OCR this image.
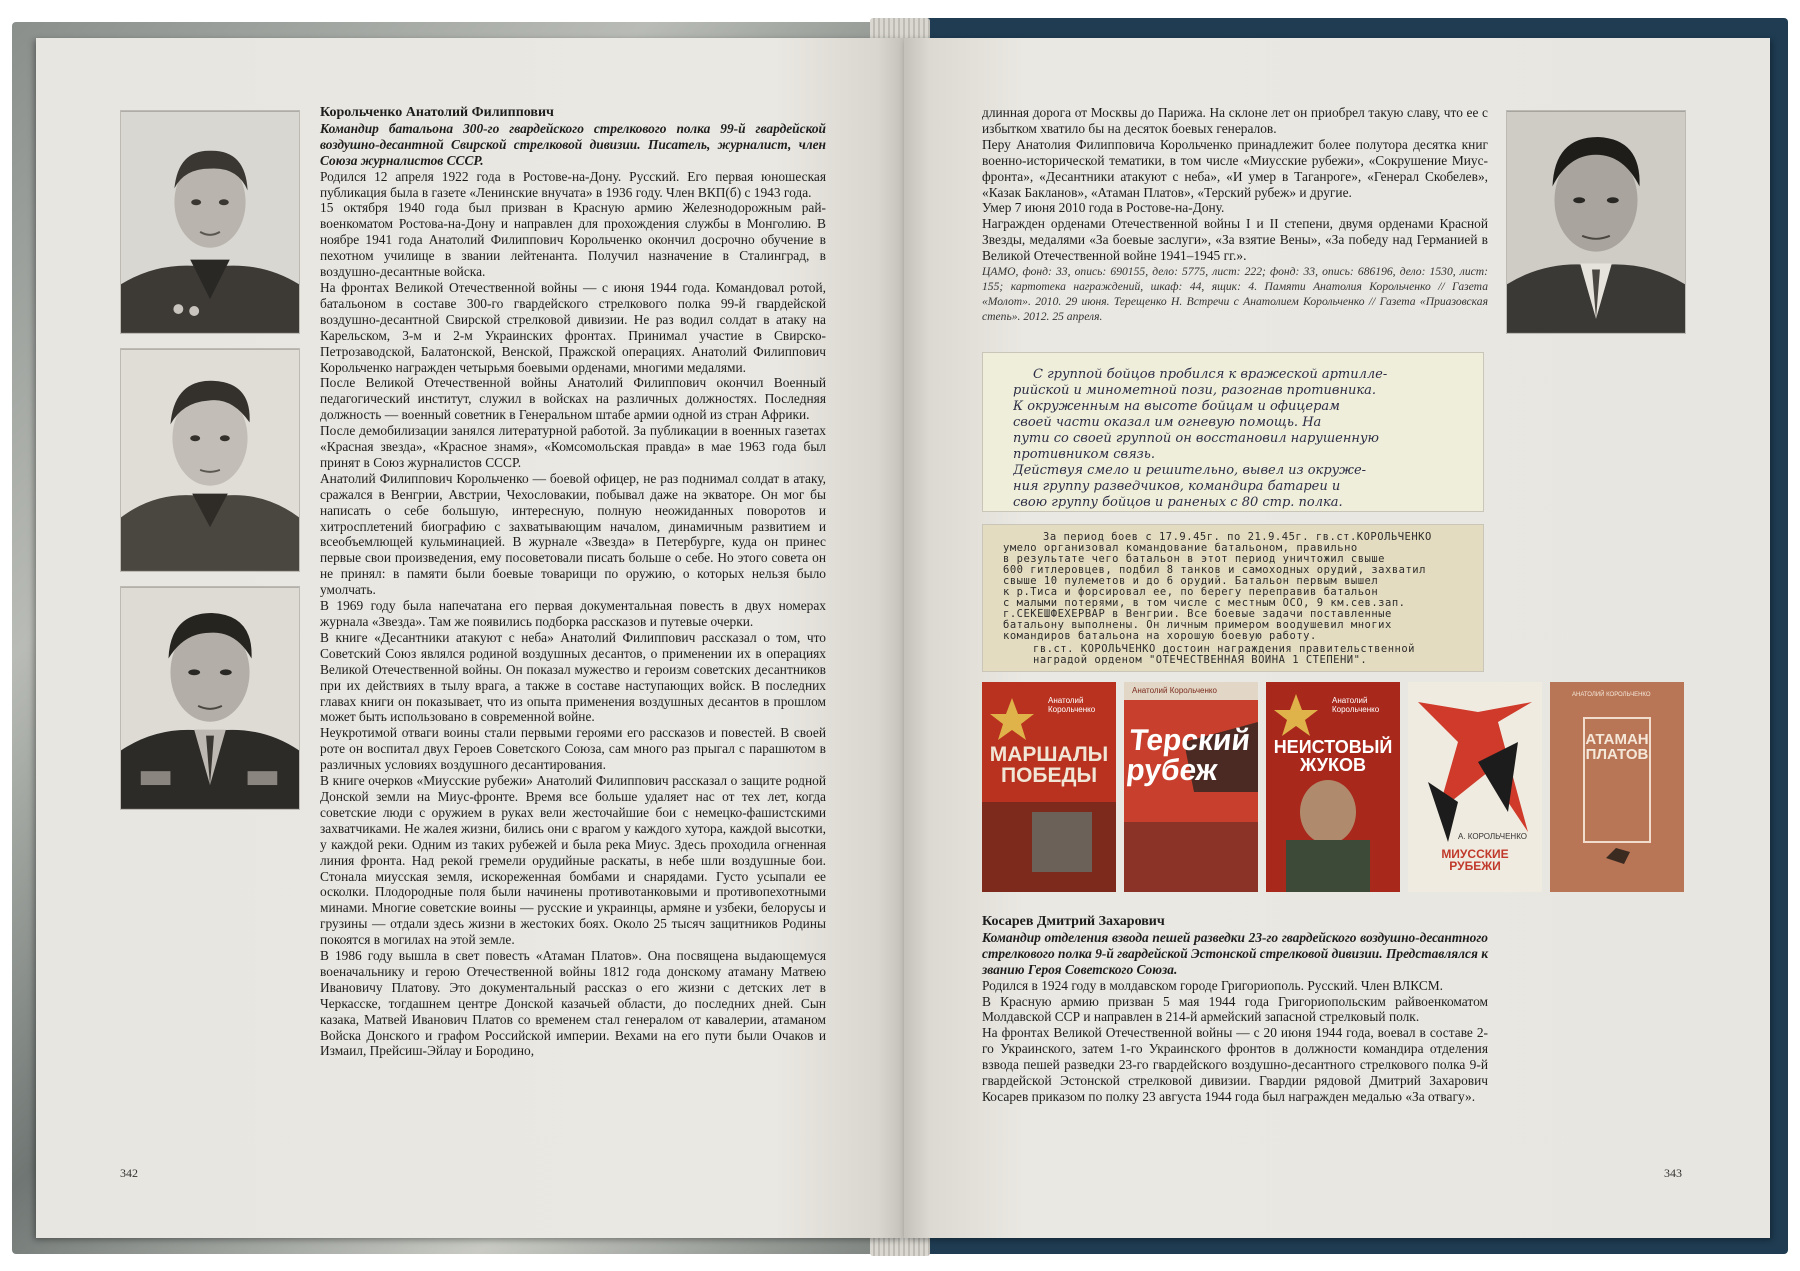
Корольченко Анатолий Филиппович

Командир батальона 300-го гвардейского стрелкового полка 99-й гвардейской воздушно-десантной Свирской стрелковой дивизии. Писатель, журналист, член Союза журналистов СССР.

Родился 12 апреля 1922 года в Ростове-на-Дону. Русский. Его первая юношеская публикация была в газете «Ленинские внучата» в 1936 году. Член ВКП(б) с 1943 года.

15 октября 1940 года был призван в Красную армию Железнодорожным райвоенкоматом Ростова-на-Дону и направлен для прохождения службы в Монголию. В ноябре 1941 года Анатолий Филиппович Корольченко окончил досрочно обучение в пехотном училище в звании лейтенанта. Получил назначение в Сталинград, в воздушно-десантные войска.

На фронтах Великой Отечественной войны — с июня 1944 года. Командовал ротой, батальоном в составе 300-го гвардейского стрелкового полка 99-й гвардейской воздушно-десантной Свирской стрелковой дивизии. Не раз водил солдат в атаку на Карельском, 3-м и 2-м Украинских фронтах. Принимал участие в Свирско-Петрозаводской, Балатонской, Венской, Пражской операциях. Анатолий Филиппович Корольченко награжден четырьмя боевыми орденами, многими медалями.

После Великой Отечественной войны Анатолий Филиппович окончил Военный педагогический институт, служил в войсках на различных должностях. Последняя должность — военный советник в Генеральном штабе армии одной из стран Африки.

После демобилизации занялся литературной работой. За публикации в военных газетах «Красная звезда», «Красное знамя», «Комсомольская правда» в мае 1963 года был принят в Союз журналистов СССР.

Анатолий Филиппович Корольченко — боевой офицер, не раз поднимал солдат в атаку, сражался в Венгрии, Австрии, Чехословакии, побывал даже на экваторе. Он мог бы написать о себе большую, интересную, полную неожиданных поворотов и хитросплетений биографию с захватывающим началом, динамичным развитием и всеобъемлющей кульминацией. В журнале «Звезда» в Петербурге, куда он принес первые свои произведения, ему посоветовали писать больше о себе. Но этого совета он не принял: в памяти были боевые товарищи по оружию, о которых нельзя было умолчать.

В 1969 году была напечатана его первая документальная повесть в двух номерах журнала «Звезда». Там же появились подборка рассказов и путевые очерки.

В книге «Десантники атакуют с неба» Анатолий Филиппович рассказал о том, что Советский Союз являлся родиной воздушных десантов, о применении их в операциях Великой Отечественной войны. Он показал мужество и героизм советских десантников при их действиях в тылу врага, а также в составе наступающих войск. В последних главах книги он показывает, что из опыта применения воздушных десантов в прошлом может быть использовано в современной войне.

Неукротимой отваги воины стали первыми героями его рассказов и повестей. В своей роте он воспитал двух Героев Советского Союза, сам много раз прыгал с парашютом в различных условиях воздушного десантирования.

В книге очерков «Миусские рубежи» Анатолий Филиппович рассказал о защите родной Донской земли на Миус-фронте. Время все больше удаляет нас от тех лет, когда советские люди с оружием в руках вели жесточайшие бои с немецко-фашистскими захватчиками. Не жалея жизни, бились они с врагом у каждого хутора, каждой высотки, у каждой реки. Одним из таких рубежей и была река Миус. Здесь проходила огненная линия фронта. Над рекой гремели орудийные раскаты, в небе шли воздушные бои. Стонала миусская земля, искореженная бомбами и снарядами. Густо усыпали ее осколки. Плодородные поля были начинены противотанковыми и противопехотными минами. Многие советские воины — русские и украинцы, армяне и узбеки, белорусы и грузины — отдали здесь жизни в жестоких боях. Около 25 тысяч защитников Родины покоятся в могилах на этой земле.

В 1986 году вышла в свет повесть «Атаман Платов». Она посвящена выдающемуся военачальнику и герою Отечественной войны 1812 года донскому атаману Матвею Ивановичу Платову. Это документальный рассказ о его жизни с детских лет в Черкасске, тогдашнем центре Донской казачьей области, до последних дней. Сын казака, Матвей Иванович Платов со временем стал генералом от кавалерии, атаманом Войска Донского и графом Российской империи. Вехами на его пути были Очаков и Измаил, Прейсиш-Эйлау и Бородино,

342

длинная дорога от Москвы до Парижа. На склоне лет он приобрел такую славу, что ее с избытком хватило бы на десяток боевых генералов.

Перу Анатолия Филипповича Корольченко принадлежит более полутора десятка книг военно-исторической тематики, в том числе «Миусские рубежи», «Сокрушение Миус-фронта», «Десантники атакуют с неба», «И умер в Таганроге», «Генерал Скобелев», «Казак Бакланов», «Атаман Платов», «Терский рубеж» и другие.

Умер 7 июня 2010 года в Ростове-на-Дону.

Награжден орденами Отечественной войны I и II степени, двумя орденами Красной Звезды, медалями «За боевые заслуги», «За взятие Вены», «За победу над Германией в Великой Отечественной войне 1941–1945 гг.».

ЦАМО, фонд: 33, опись: 690155, дело: 5775, лист: 222; фонд: 33, опись: 686196, дело: 1530, лист: 155; картотека награждений, шкаф: 44, ящик: 4. Памяти Анатолия Корольченко // Газета «Молот». 2010. 29 июня. Терещенко Н. Встречи с Анатолием Корольченко // Газета «Приазовская степь». 2012. 25 апреля.

С группой бойцов пробился к вражеской артилле-
рийской и минометной пози, разогнав противника.
К окруженным на высоте бойцам и офицерам
своей части оказал им огневую помощь. На
пути со своей группой он восстановил нарушенную
противником связь.
Действуя смело и решительно, вывел из окруже-
ния группу разведчиков, командира батареи и
свою группу бойцов и раненых с 80 стр. полка.
За период боев с 17.9.45г. по 21.9.45г. гв.ст.КОРОЛЬЧЕНКО
умело организовал командование батальоном, правильно
в результате чего батальон в этот период уничтожил свыше
600 гитлеровцев, подбил 8 танков и самоходных орудий, захватил
свыше 10 пулеметов и до 6 орудий. Батальон первым вышел
к р.Тиса и форсировал ее, по берегу переправив батальон
с малыми потерями, в том числе с местным ОСО, 9 км.сев.зап.
г.СЕКЕШФЕХЕРВАР в Венгрии. Все боевые задачи поставленные
батальону выполнены. Он личным примером воодушевил многих
командиров батальона на хорошую боевую работу.
гв.ст. КОРОЛЬЧЕНКО достоин награждения правительственной
наградой орденом "ОТЕЧЕСТВЕННАЯ ВОЙНА 1 СТЕПЕНИ".
Анатолий Корольченко
МАРШАЛЫ
ПОБЕДЫ
Анатолий Корольченко
Терский
рубеж
Анатолий Корольченко
НЕИСТОВЫЙ
ЖУКОВ
А. КОРОЛЬЧЕНКО
МИУССКИЕ
РУБЕЖИ
АНАТОЛИЙ КОРОЛЬЧЕНКО
АТАМАН
ПЛАТОВ

Косарев Дмитрий Захарович

Командир отделения взвода пешей разведки 23-го гвардейского воздушно-десантного стрелкового полка 9-й гвардейской Эстонской стрелковой дивизии. Представлялся к званию Героя Советского Союза.

Родился в 1924 году в молдавском городе Григориополь. Русский. Член ВЛКСМ.

В Красную армию призван 5 мая 1944 года Григориопольским райвоенкоматом Молдавской ССР и направлен в 214-й армейский запасной стрелковый полк.

На фронтах Великой Отечественной войны — с 20 июня 1944 года, воевал в составе 2-го Украинского, затем 1-го Украинского фронтов в должности командира отделения взвода пешей разведки 23-го гвардейского воздушно-десантного стрелкового полка 9-й гвардейской Эстонской стрелковой дивизии. Гвардии рядовой Дмитрий Захарович Косарев приказом по полку 23 августа 1944 года был награжден медалью «За отвагу».

343
